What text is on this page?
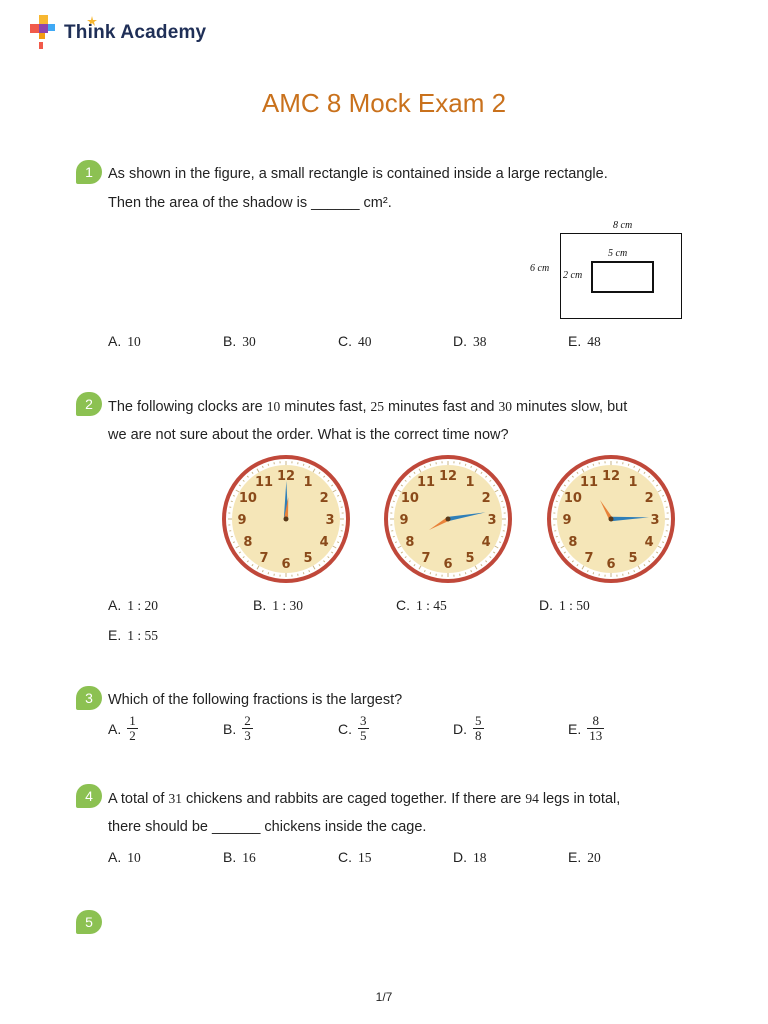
Think Academy
AMC 8 Mock Exam 2
1	As shown in the figure, a small rectangle is contained inside a large rectangle.
Then the area of the shadow is ______ cm².
8 cm
6 cm
5 cm
2 cm
A. 10	B. 30	C. 40	D. 38	E. 48
2	The following clocks are 10 minutes fast, 25 minutes fast and 30 minutes slow, but
we are not sure about the order. What is the correct time now?
12 1
2
3
4
5
6
7
8
9
10
11	12 1
2
3
4
5
6
7
8
9
10
11	12 1
2
3
4
5
6
7
8
9
10
11
A. 1 : 20	B. 1 : 30	C. 1 : 45	D. 1 : 50
E. 1 : 55
3	Which of the following fractions is the largest?
A. $\frac{1}{2}$	B. $\frac{2}{3}$	C. $\frac{3}{5}$	D. $\frac{5}{8}$	E. $\frac{8}{13}$
4	A total of 31 chickens and rabbits are caged together. If there are 94 legs in total,
there should be ______ chickens inside the cage.
A. 10	B. 16	C. 15	D. 18	E. 20
5
1/7
